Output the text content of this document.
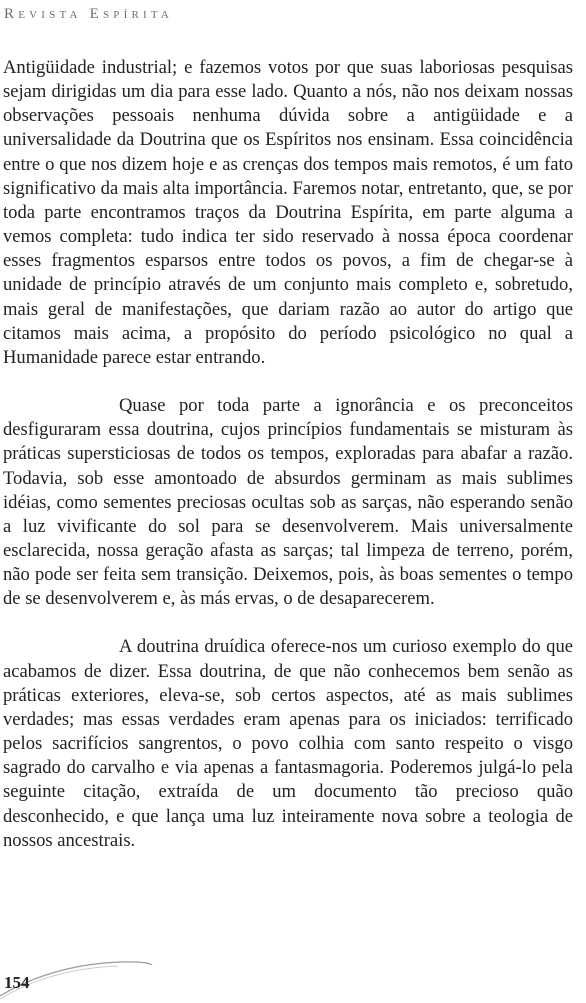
Revista Espírita

Antigüidade industrial; e fazemos votos por que suas laboriosas pesquisas sejam dirigidas um dia para esse lado. Quanto a nós, não nos deixam nossas observações pessoais nenhuma dúvida sobre a antigüidade e a universalidade da Doutrina que os Espíritos nos ensinam. Essa coincidência entre o que nos dizem hoje e as crenças dos tempos mais remotos, é um fato significativo da mais alta importância. Faremos notar, entretanto, que, se por toda parte encontramos traços da Doutrina Espírita, em parte alguma a vemos completa: tudo indica ter sido reservado à nossa época coordenar esses fragmentos esparsos entre todos os povos, a fim de chegar-se à unidade de princípio através de um conjunto mais completo e, sobretudo, mais geral de manifestações, que dariam razão ao autor do artigo que citamos mais acima, a propósito do período psicológico no qual a Humanidade parece estar entrando.

Quase por toda parte a ignorância e os preconceitos desfiguraram essa doutrina, cujos princípios fundamentais se misturam às práticas supersticiosas de todos os tempos, exploradas para abafar a razão. Todavia, sob esse amontoado de absurdos germinam as mais sublimes idéias, como sementes preciosas ocultas sob as sarças, não esperando senão a luz vivificante do sol para se desenvolverem. Mais universalmente esclarecida, nossa geração afasta as sarças; tal limpeza de terreno, porém, não pode ser feita sem transição. Deixemos, pois, às boas sementes o tempo de se desenvolverem e, às más ervas, o de desaparecerem.

A doutrina druídica oferece-nos um curioso exemplo do que acabamos de dizer. Essa doutrina, de que não conhecemos bem senão as práticas exteriores, eleva-se, sob certos aspectos, até as mais sublimes verdades; mas essas verdades eram apenas para os iniciados: terrificado pelos sacrifícios sangrentos, o povo colhia com santo respeito o visgo sagrado do carvalho e via apenas a fantasmagoria. Poderemos julgá-lo pela seguinte citação, extraída de um documento tão precioso quão desconhecido, e que lança uma luz inteiramente nova sobre a teologia de nossos ancestrais.

154
